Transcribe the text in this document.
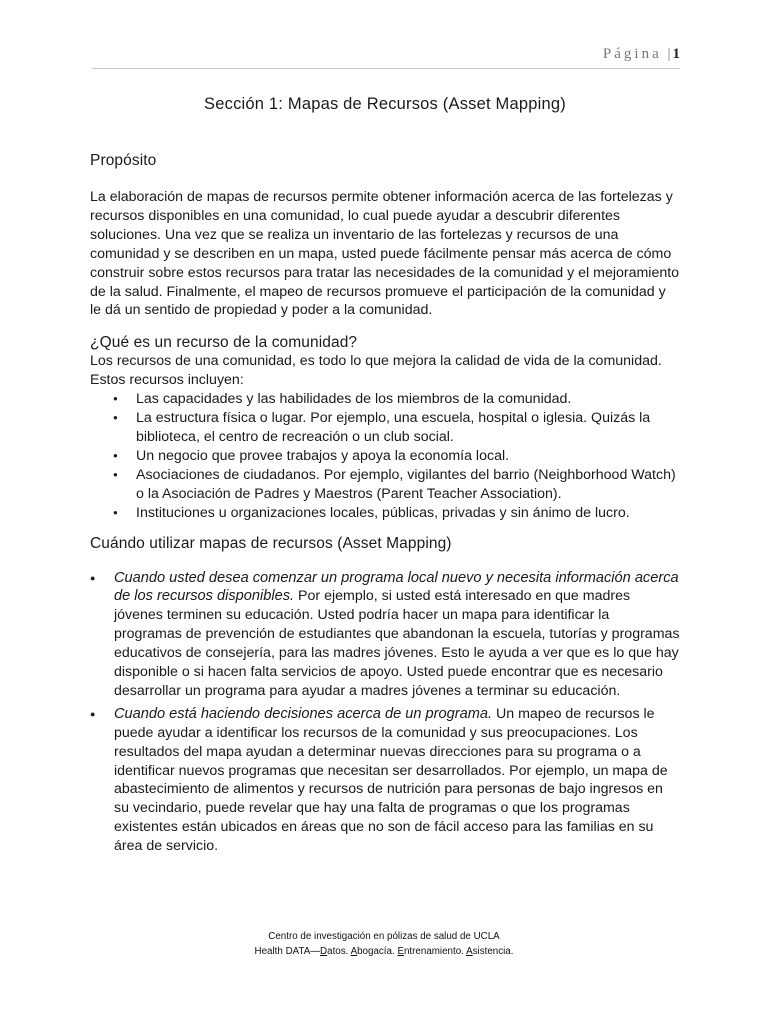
Página | 1
Sección 1: Mapas de Recursos (Asset Mapping)
Propósito

La elaboración de mapas de recursos permite obtener información acerca de las fortelezas y recursos disponibles en una comunidad, lo cual puede ayudar a descubrir diferentes soluciones. Una vez que se realiza un inventario de las fortelezas y recursos de una comunidad y se describen en un mapa, usted puede fácilmente pensar más acerca de cómo construir sobre estos recursos para tratar las necesidades de la comunidad y el mejoramiento de la salud. Finalmente, el mapeo de recursos promueve el participación de la comunidad y le dá un sentido de propiedad y poder a la comunidad.

¿Qué es un recurso de la comunidad?

Los recursos de una comunidad, es todo lo que mejora la calidad de vida de la comunidad. Estos recursos incluyen:

● Las capacidades y las habilidades de los miembros de la comunidad.
● La estructura física o lugar. Por ejemplo, una escuela, hospital o iglesia. Quizás la biblioteca, el centro de recreación o un club social.
● Un negocio que provee trabajos y apoya la economía local.
● Asociaciones de ciudadanos. Por ejemplo, vigilantes del barrio (Neighborhood Watch) o la Asociación de Padres y Maestros (Parent Teacher Association).
● Instituciones u organizaciones locales, públicas, privadas y sin ánimo de lucro.
Cuándo utilizar mapas de recursos (Asset Mapping)
● Cuando usted desea comenzar un programa local nuevo y necesita información acerca de los recursos disponibles. Por ejemplo, si usted está interesado en que madres jóvenes terminen su educación. Usted podría hacer un mapa para identificar la programas de prevención de estudiantes que abandonan la escuela, tutorías y programas educativos de consejería, para las madres jóvenes. Esto le ayuda a ver que es lo que hay disponible o si hacen falta servicios de apoyo. Usted puede encontrar que es necesario desarrollar un programa para ayudar a madres jóvenes a terminar su educación.
● Cuando está haciendo decisiones acerca de un programa. Un mapeo de recursos le puede ayudar a identificar los recursos de la comunidad y sus preocupaciones. Los resultados del mapa ayudan a determinar nuevas direcciones para su programa o a identificar nuevos programas que necesitan ser desarrollados. Por ejemplo, un mapa de abastecimiento de alimentos y recursos de nutrición para personas de bajo ingresos en su vecindario, puede revelar que hay una falta de programas o que los programas existentes están ubicados en áreas que no son de fácil acceso para las familias en su área de servicio.
Centro de investigación en pólizas de salud de UCLA
Health DATA—Datos. Abogacía. Entrenamiento. Asistencia.
